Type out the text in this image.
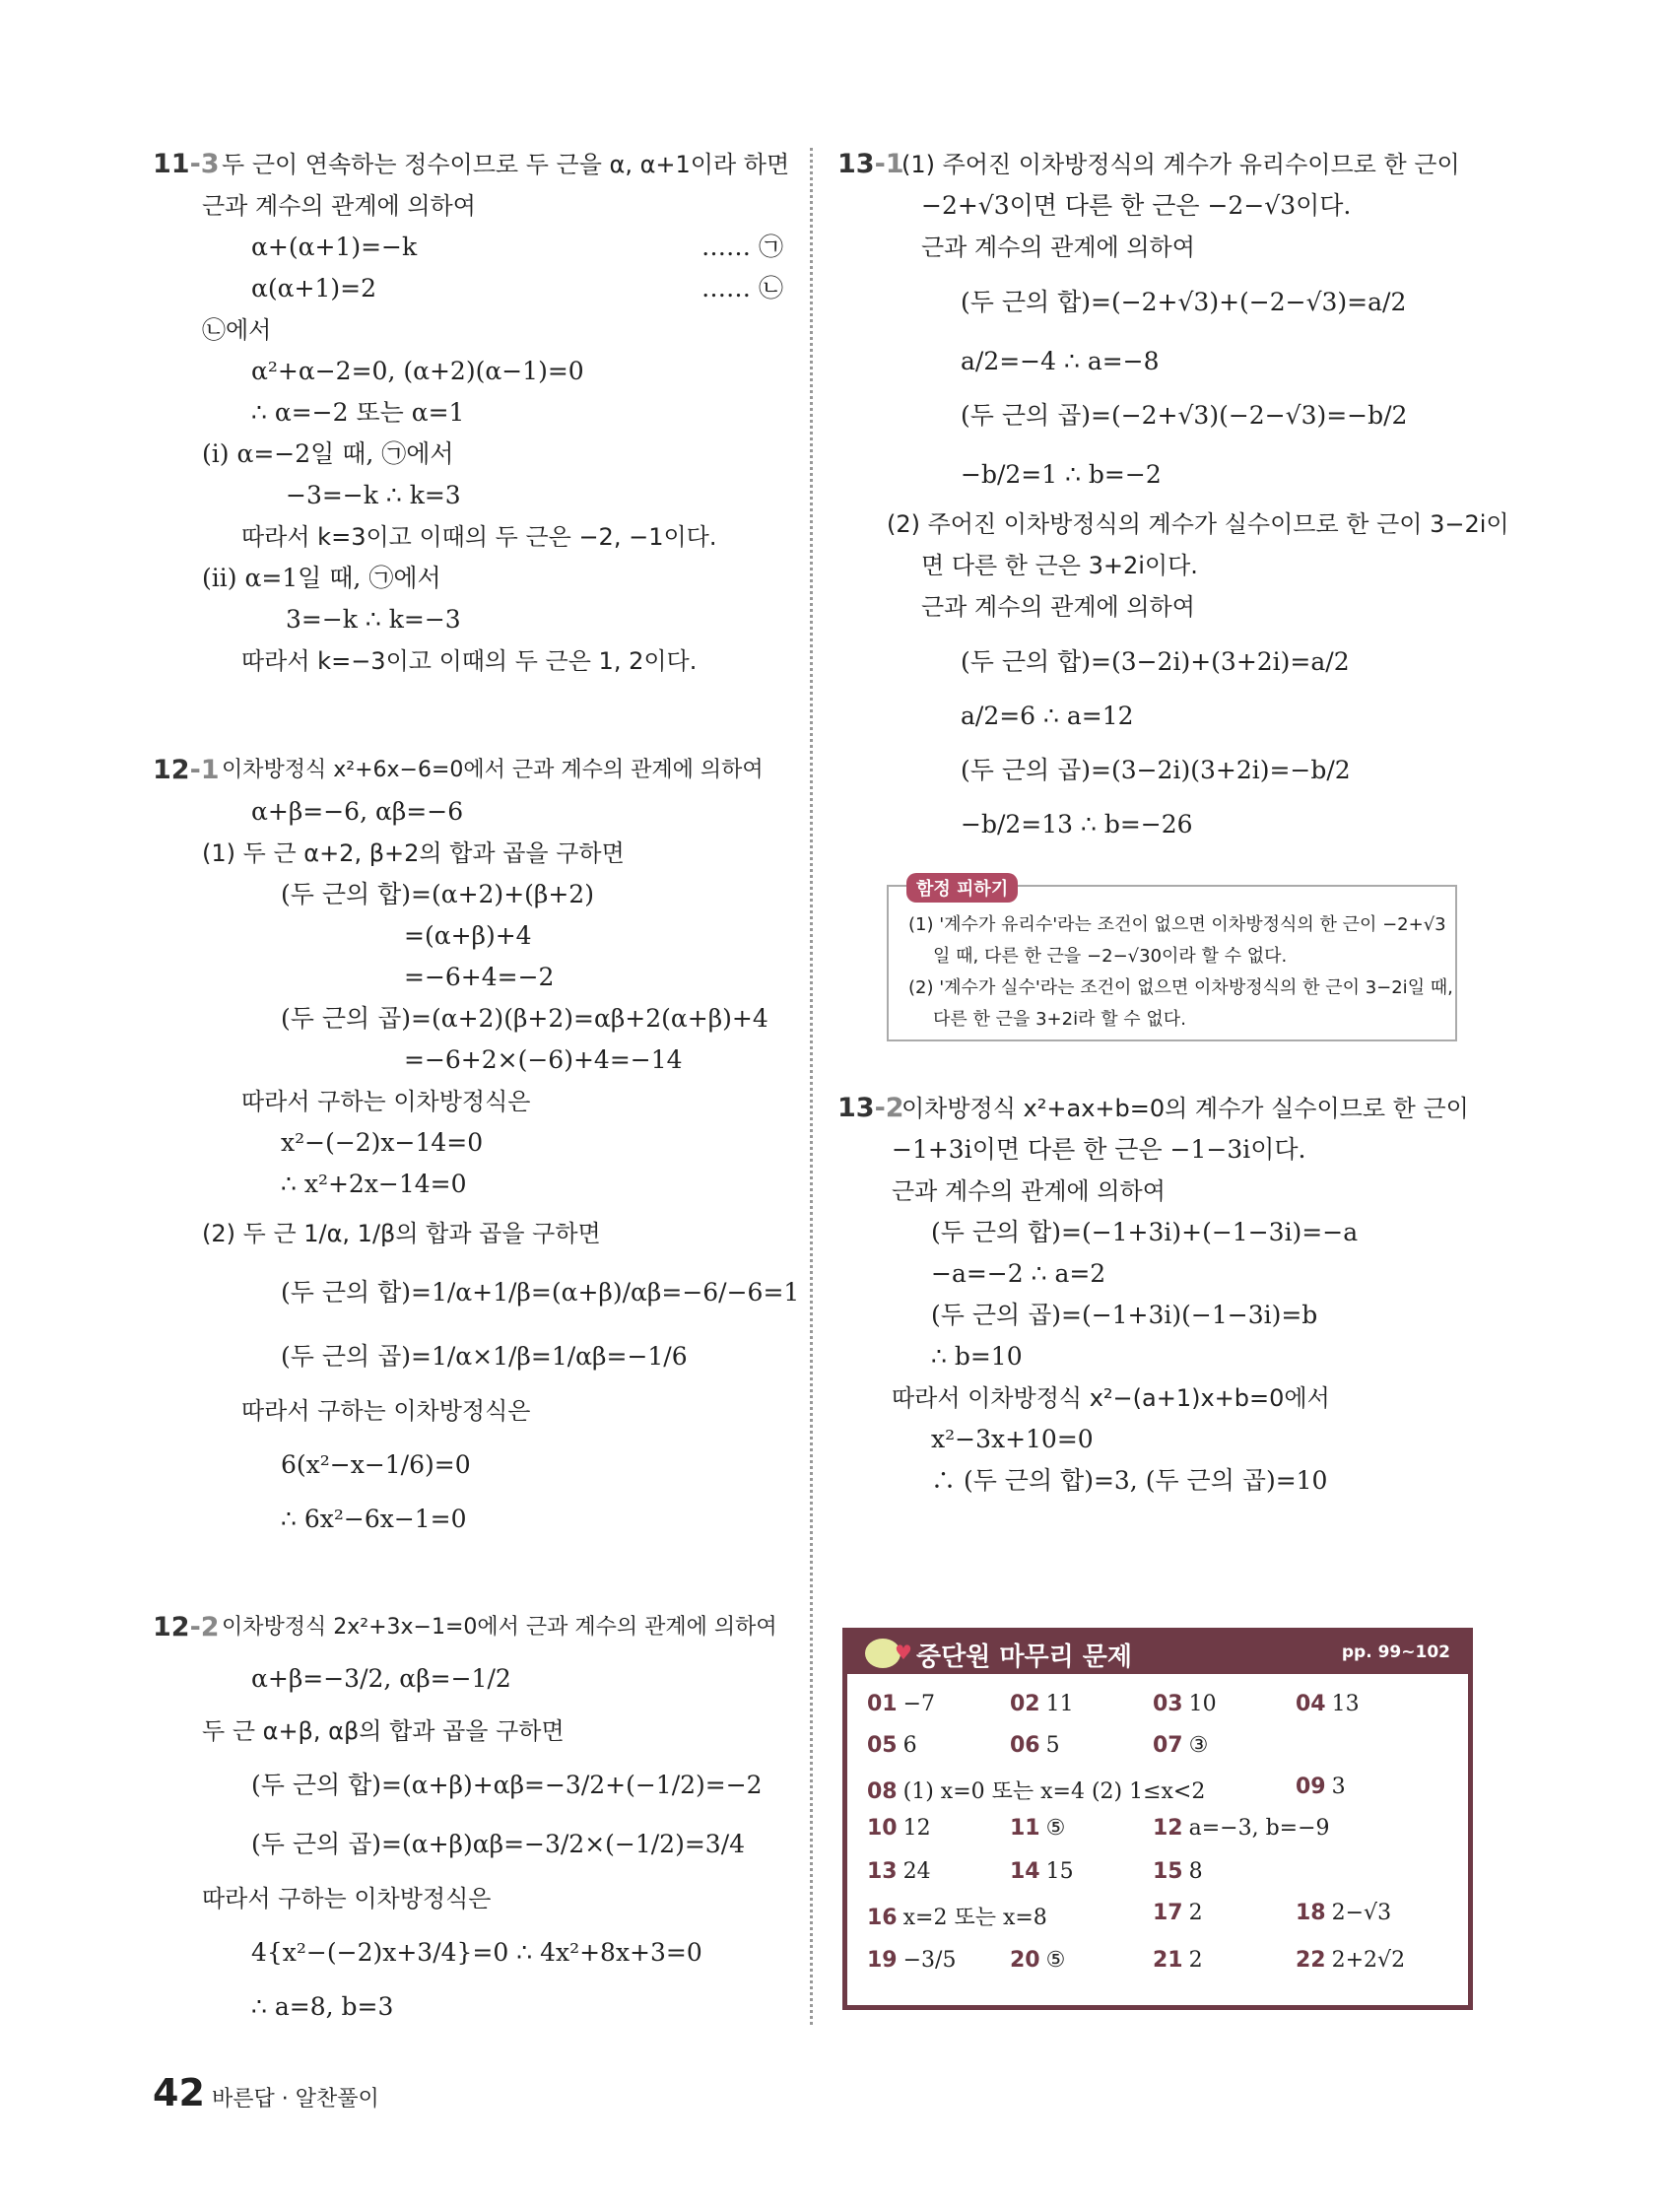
11-3 두 근이 연속하는 정수이므로 두 근을 α, α+1이라 하면
근과 계수의 관계에 의하여
α+(α+1)=−k	…… ㉠
α(α+1)=2	…… ㉡
㉡에서
α²+α−2=0, (α+2)(α−1)=0
∴ α=−2 또는 α=1
(ⅰ) α=−2일 때, ㉠에서
−3=−k ∴ k=3
따라서 k=3이고 이때의 두 근은 −2, −1이다.
(ⅱ) α=1일 때, ㉠에서
3=−k ∴ k=−3
따라서 k=−3이고 이때의 두 근은 1, 2이다.
12-1 이차방정식 x²+6x−6=0에서 근과 계수의 관계에 의하여
α+β=−6, αβ=−6
(1) 두 근 α+2, β+2의 합과 곱을 구하면
(두 근의 합)=(α+2)+(β+2)
=(α+β)+4
=−6+4=−2
(두 근의 곱)=(α+2)(β+2)=αβ+2(α+β)+4
=−6+2×(−6)+4=−14
따라서 구하는 이차방정식은
x²−(−2)x−14=0
∴ x²+2x−14=0
(2) 두 근 1/α, 1/β의 합과 곱을 구하면
(두 근의 합)=1/α+1/β=(α+β)/αβ=−6/−6=1
(두 근의 곱)=1/α×1/β=1/αβ=−1/6
따라서 구하는 이차방정식은
6(x²−x−1/6)=0
∴ 6x²−6x−1=0
12-2 이차방정식 2x²+3x−1=0에서 근과 계수의 관계에 의하여
α+β=−3/2, αβ=−1/2
두 근 α+β, αβ의 합과 곱을 구하면
(두 근의 합)=(α+β)+αβ=−3/2+(−1/2)=−2
(두 근의 곱)=(α+β)αβ=−3/2×(−1/2)=3/4
따라서 구하는 이차방정식은
4{x²−(−2)x+3/4}=0 ∴ 4x²+8x+3=0
∴ a=8, b=3
13-1
(1) 주어진 이차방정식의 계수가 유리수이므로 한 근이
−2+√3이면 다른 한 근은 −2−√3이다.
근과 계수의 관계에 의하여
(두 근의 합)=(−2+√3)+(−2−√3)=a/2
a/2=−4 ∴ a=−8
(두 근의 곱)=(−2+√3)(−2−√3)=−b/2
−b/2=1 ∴ b=−2
(2) 주어진 이차방정식의 계수가 실수이므로 한 근이 3−2i이
면 다른 한 근은 3+2i이다.
근과 계수의 관계에 의하여
(두 근의 합)=(3−2i)+(3+2i)=a/2
a/2=6 ∴ a=12
(두 근의 곱)=(3−2i)(3+2i)=−b/2
−b/2=13 ∴ b=−26
함정 피하기
(1) '계수가 유리수'라는 조건이 없으면 이차방정식의 한 근이 −2+√3
일 때, 다른 한 근을 −2−√30이라 할 수 없다.
(2) '계수가 실수'라는 조건이 없으면 이차방정식의 한 근이 3−2i일 때,
다른 한 근을 3+2i라 할 수 없다.
13-2
이차방정식 x²+ax+b=0의 계수가 실수이므로 한 근이
−1+3i이면 다른 한 근은 −1−3i이다.
근과 계수의 관계에 의하여
(두 근의 합)=(−1+3i)+(−1−3i)=−a
−a=−2 ∴ a=2
(두 근의 곱)=(−1+3i)(−1−3i)=b
∴ b=10
따라서 이차방정식 x²−(a+1)x+b=0에서
x²−3x+10=0
∴ (두 근의 합)=3, (두 근의 곱)=10
♥ 중단원 마무리 문제	pp. 99~102
01 −7	02 11	03 10	04 13
05 6	06 5	07 ③
08 (1) x=0 또는 x=4 (2) 1≤x<2	09 3
10 12	11 ⑤	12 a=−3, b=−9
13 24	14 15	15 8
16 x=2 또는 x=8	17 2	18 2−√3
19 −3/5 20 ⑤	21 2	22 2+2√2
42 바른답 · 알찬풀이
